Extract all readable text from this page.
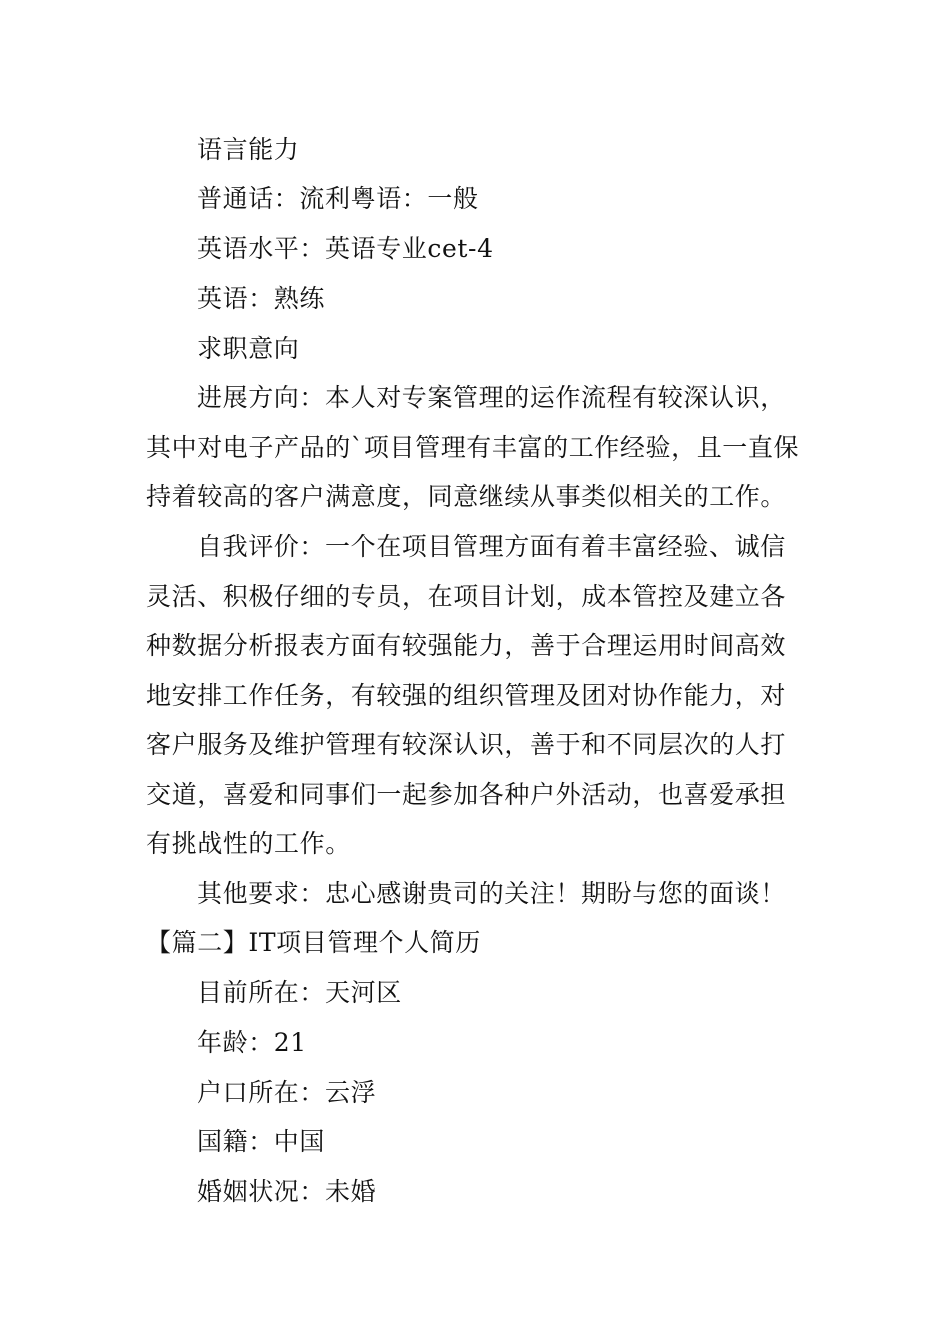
语言能力

普通话：流利粤语：一般

英语水平：英语专业cet-4

英语：熟练

求职意向

进展方向：本人对专案管理的运作流程有较深认识，其中对电子产品的`项目管理有丰富的工作经验，且一直保持着较高的客户满意度，同意继续从事类似相关的工作。

自我评价：一个在项目管理方面有着丰富经验、诚信灵活、积极仔细的专员，在项目计划，成本管控及建立各种数据分析报表方面有较强能力，善于合理运用时间高效地安排工作任务，有较强的组织管理及团对协作能力，对客户服务及维护管理有较深认识，善于和不同层次的人打交道，喜爱和同事们一起参加各种户外活动，也喜爱承担有挑战性的工作。

其他要求：忠心感谢贵司的关注！期盼与您的面谈！

【篇二】IT项目管理个人简历

目前所在：天河区

年龄：21

户口所在：云浮

国籍：中国

婚姻状况：未婚
